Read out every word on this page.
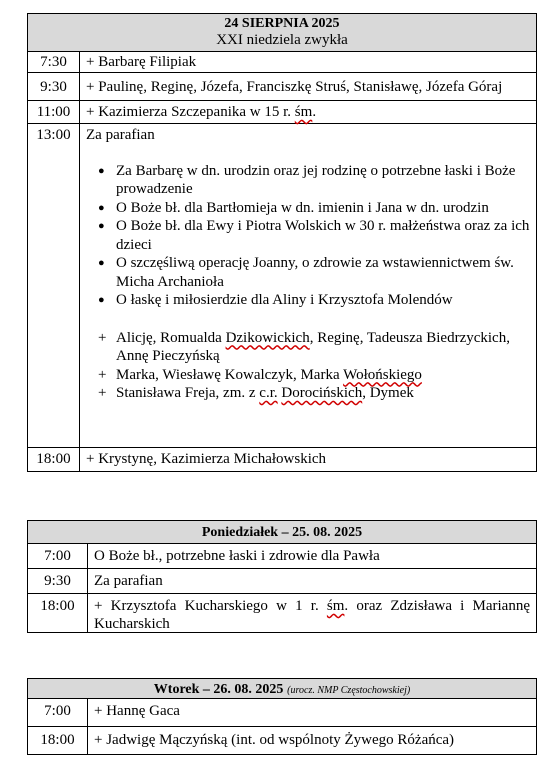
24 SIERPNIA 2025
XXI niedziela zwykła
7:30	+ Barbarę Filipiak
9:30	+ Paulinę, Reginę, Józefa, Franciszkę Struś, Stanisławę, Józefa Góraj
11:00	+ Kazimierza Szczepanika w 15 r. śm.
13:00	Za parafian
● Za Barbarę w dn. urodzin oraz jej rodzinę o potrzebne łaski i Boże prowadzenie
● O Boże bł. dla Bartłomieja w dn. imienin i Jana w dn. urodzin
● O Boże bł. dla Ewy i Piotra Wolskich w 30 r. małżeństwa oraz za ich dzieci
● O szczęśliwą operację Joanny, o zdrowie za wstawiennictwem św. Micha Archanioła
● O łaskę i miłosierdzie dla Aliny i Krzysztofa Molendów
+ Alicję, Romualda Dzikowickich, Reginę, Tadeusza Biedrzyckich, Annę Pieczyńską
+ Marka, Wiesławę Kowalczyk, Marka Wołońskiego
+ Stanisława Freja, zm. z c.r. Dorocińskich, Dymek
18:00	+ Krystynę, Kazimierza Michałowskich
Poniedziałek – 25. 08. 2025
7:00	O Boże bł., potrzebne łaski i zdrowie dla Pawła
9:30	Za parafian
18:00	+ Krzysztofa Kucharskiego w 1 r. śm. oraz Zdzisława i Mariannę Kucharskich
Wtorek – 26. 08. 2025 (urocz. NMP Częstochowskiej)
7:00	+ Hannę Gaca
18:00	+ Jadwigę Mączyńską (int. od wspólnoty Żywego Różańca)
